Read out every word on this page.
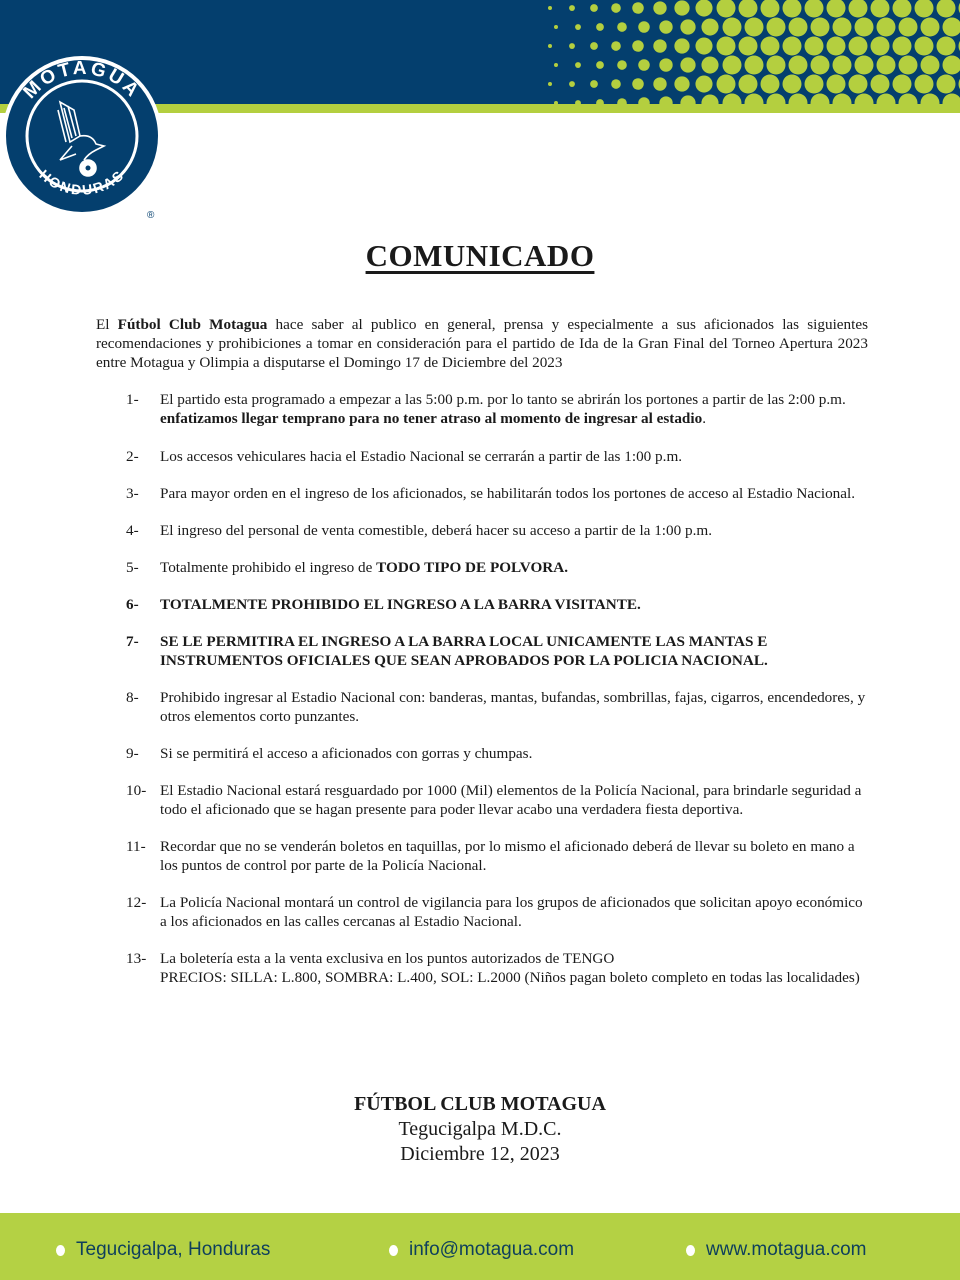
MOTAGUA
HONDURAS
®
COMUNICADO
El Fútbol Club Motagua hace saber al publico en general, prensa y especialmente a sus aficionados las siguientes recomendaciones y prohibiciones a tomar en consideración para el partido de Ida de la Gran Final del Torneo Apertura 2023 entre Motagua y Olimpia a disputarse el Domingo 17 de Diciembre del 2023
1-	El partido esta programado a empezar a las 5:00 p.m. por lo tanto se abrirán los portones a partir de las 2:00 p.m. enfatizamos llegar temprano para no tener atraso al momento de ingresar al estadio.
2-	Los accesos vehiculares hacia el Estadio Nacional se cerrarán a partir de las 1:00 p.m.
3-	Para mayor orden en el ingreso de los aficionados, se habilitarán todos los portones de acceso al Estadio Nacional.
4-	El ingreso del personal de venta comestible, deberá hacer su acceso a partir de la 1:00 p.m.
5-	Totalmente prohibido el ingreso de TODO TIPO DE POLVORA.
6-	TOTALMENTE PROHIBIDO EL INGRESO A LA BARRA VISITANTE.
7-	SE LE PERMITIRA EL INGRESO A LA BARRA LOCAL UNICAMENTE LAS MANTAS E INSTRUMENTOS OFICIALES QUE SEAN APROBADOS POR LA POLICIA NACIONAL.
8-	Prohibido ingresar al Estadio Nacional con: banderas, mantas, bufandas, sombrillas, fajas, cigarros, encendedores, y otros elementos corto punzantes.
9-	Si se permitirá el acceso a aficionados con gorras y chumpas.
10- El Estadio Nacional estará resguardado por 1000 (Mil) elementos de la Policía Nacional, para brindarle seguridad a todo el aficionado que se hagan presente para poder llevar acabo una verdadera fiesta deportiva.
11- Recordar que no se venderán boletos en taquillas, por lo mismo el aficionado deberá de llevar su boleto en mano a los puntos de control por parte de la Policía Nacional.
12- La Policía Nacional montará un control de vigilancia para los grupos de aficionados que solicitan apoyo económico a los aficionados en las calles cercanas al Estadio Nacional.
13- La boletería esta a la venta exclusiva en los puntos autorizados de TENGO
PRECIOS: SILLA: L.800, SOMBRA: L.400, SOL: L.2000 (Niños pagan boleto completo en todas las localidades)
FÚTBOL CLUB MOTAGUA
Tegucigalpa M.D.C.
Diciembre 12, 2023
Tegucigalpa, Honduras	info@motagua.com	www.motagua.com
